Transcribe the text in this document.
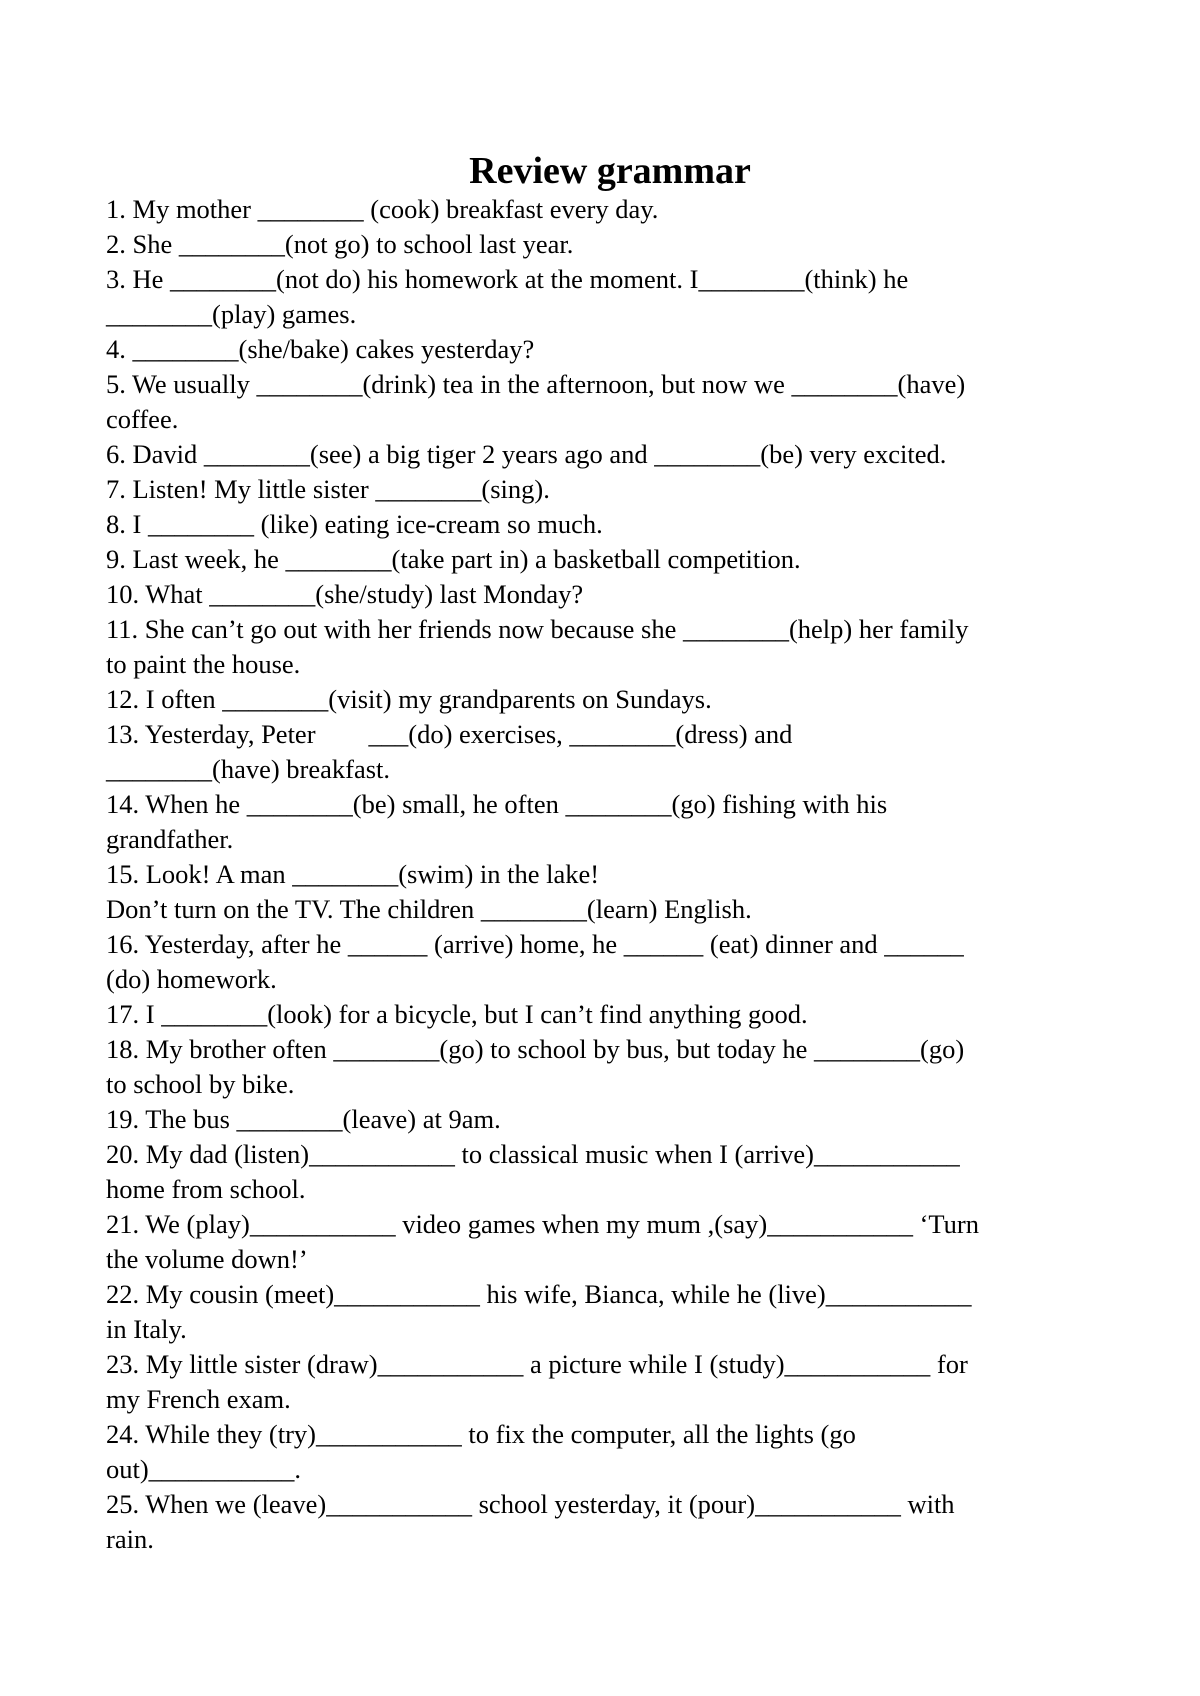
Review grammar
1. My mother ________ (cook) breakfast every day.
2. She ________(not go) to school last year.
3. He ________(not do) his homework at the moment. I________(think) he
________(play) games.
4. ________(she/bake) cakes yesterday?
5. We usually ________(drink) tea in the afternoon, but now we ________(have)
coffee.
6. David ________(see) a big tiger 2 years ago and ________(be) very excited.
7. Listen! My little sister ________(sing).
8. I ________ (like) eating ice-cream so much.
9. Last week, he ________(take part in) a basketball competition.
10. What ________(she/study) last Monday?
11. She can’t go out with her friends now because she ________(help) her family
to paint the house.
12. I often ________(visit) my grandparents on Sundays.
13. Yesterday, Peter        ___(do) exercises, ________(dress) and
________(have) breakfast.
14. When he ________(be) small, he often ________(go) fishing with his
grandfather.
15. Look! A man ________(swim) in the lake!
Don’t turn on the TV. The children ________(learn) English.
16. Yesterday, after he ______ (arrive) home, he ______ (eat) dinner and ______
(do) homework.
17. I ________(look) for a bicycle, but I can’t find anything good.
18. My brother often ________(go) to school by bus, but today he ________(go)
to school by bike.
19. The bus ________(leave) at 9am.
20. My dad (listen)___________ to classical music when I (arrive)___________
home from school.
21. We (play)___________ video games when my mum ,(say)___________ ‘Turn
the volume down!’
22. My cousin (meet)___________ his wife, Bianca, while he (live)___________
in Italy.
23. My little sister (draw)___________ a picture while I (study)___________ for
my French exam.
24. While they (try)___________ to fix the computer, all the lights (go
out)___________.
25. When we (leave)___________ school yesterday, it (pour)___________ with
rain.
